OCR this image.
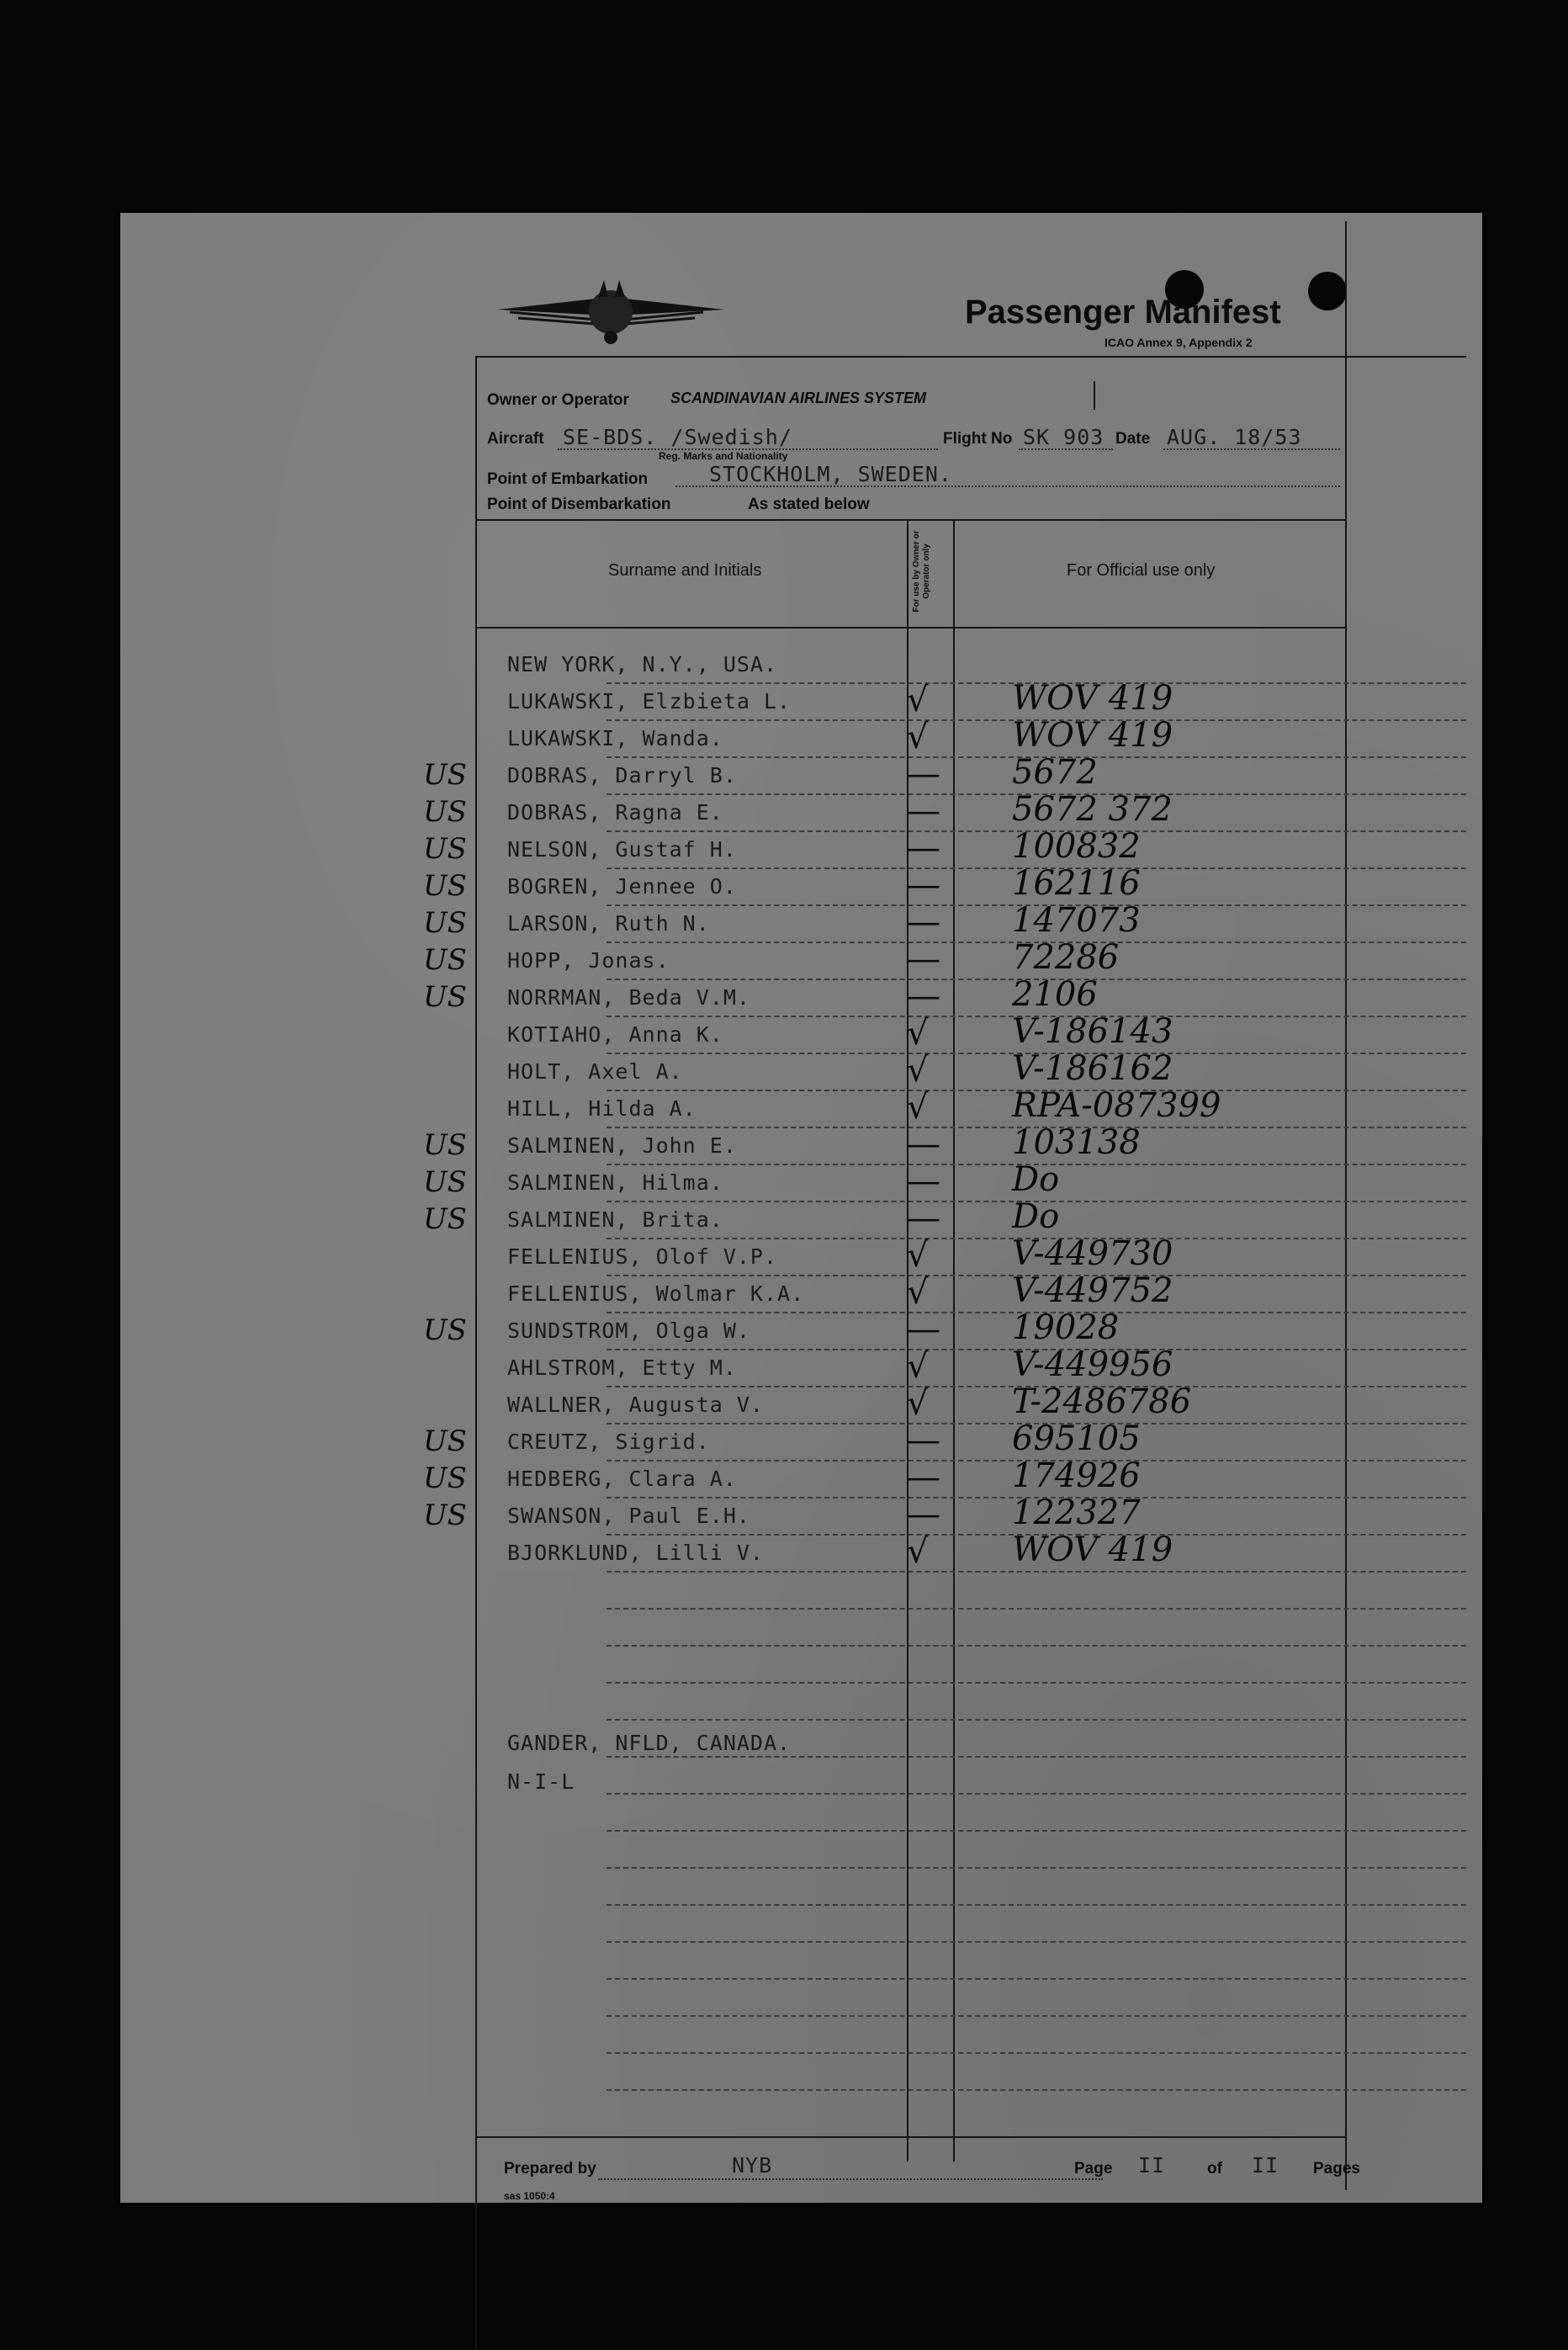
Passenger Manifest
ICAO Annex 9, Appendix 2
Owner or Operator	SCANDINAVIAN AIRLINES SYSTEM
Aircraft SE-BDS. /Swedish/
Reg. Marks and Nationality
Flight No SK 903 Date AUG. 18/53
Point of Embarkation	STOCKHOLM, SWEDEN.
Point of Disembarkation	As stated below
Surname and Initials	For use by Owner or Operator only	For Official use only
NEW YORK, N.Y., USA.
LUKAWSKI, Elzbieta L.	√ WOV 419
LUKAWSKI, Wanda.	√ WOV 419
US DOBRAS, Darryl B.	— 5672
US DOBRAS, Ragna E.	— 5672 372
US NELSON, Gustaf H.	— 100832
US BOGREN, Jennee O.	— 162116
US LARSON, Ruth N.	— 147073
US HOPP, Jonas.	— 72286
US NORRMAN, Beda V.M.	— 2106
KOTIAHO, Anna K.	√ V-186143
HOLT, Axel A.	√ V-186162
HILL, Hilda A.	√ RPA-087399
US SALMINEN, John E.	— 103138
US SALMINEN, Hilma.	— Do
US SALMINEN, Brita.	— Do
FELLENIUS, Olof V.P.	√ V-449730
FELLENIUS, Wolmar K.A.	√ V-449752
US SUNDSTROM, Olga W.	— 19028
AHLSTROM, Etty M.	√ V-449956
WALLNER, Augusta V.	√ T-2486786
US CREUTZ, Sigrid.	— 695105
US HEDBERG, Clara A.	— 174926
US SWANSON, Paul E.H.	— 122327
BJORKLUND, Lilli V.	√ WOV 419
GANDER, NFLD, CANADA.
N-I-L
Prepared by	NYB	Page II	of II Pages
sas 1050:4
